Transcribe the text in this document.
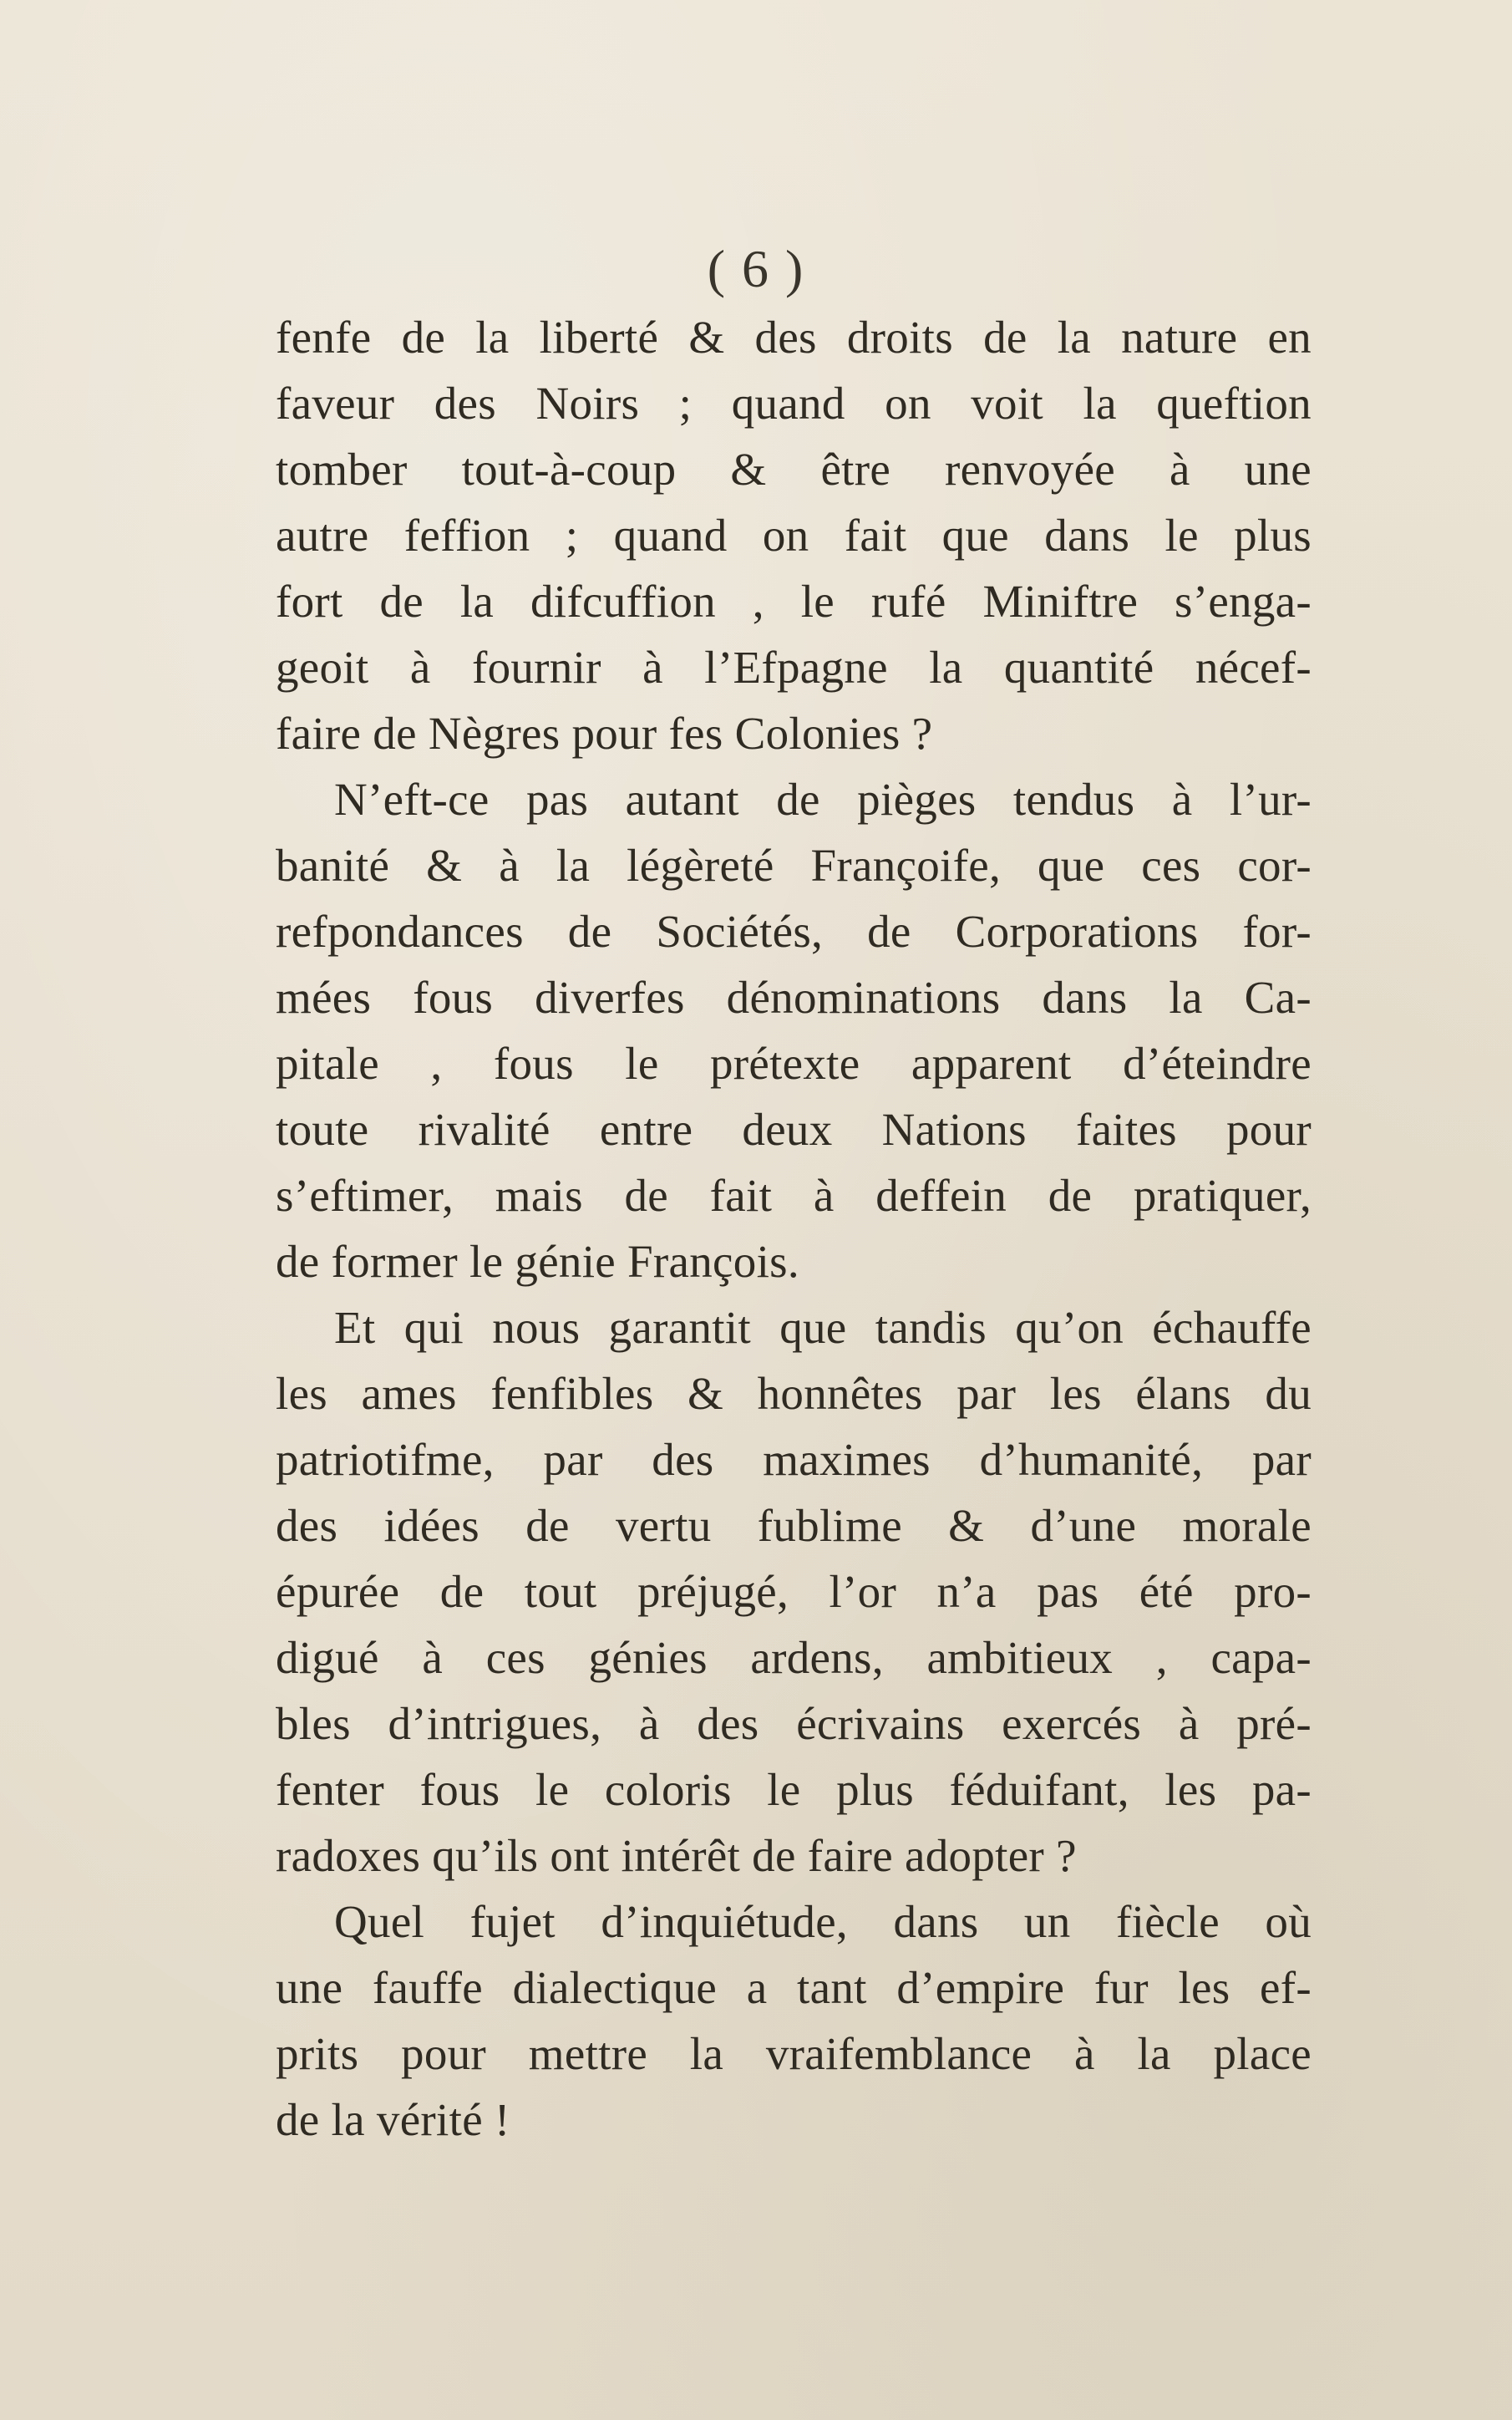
( 6 )
fenfe de la liberté & des droits de la nature en
faveur des Noirs ; quand on voit la queftion
tomber tout-à-coup & être renvoyée à une
autre feffion ; quand on fait que dans le plus
fort de la difcuffion , le rufé Miniftre s’enga-
geoit à fournir à l’Efpagne la quantité nécef-
faire de Nègres pour fes Colonies ?
N’eft-ce pas autant de pièges tendus à l’ur-
banité & à la légèreté Françoife, que ces cor-
refpondances de Sociétés, de Corporations for-
mées fous diverfes dénominations dans la Ca-
pitale , fous le prétexte apparent d’éteindre
toute rivalité entre deux Nations faites pour
s’eftimer, mais de fait à deffein de pratiquer,
de former le génie François.
Et qui nous garantit que tandis qu’on échauffe
les ames fenfibles & honnêtes par les élans du
patriotifme, par des maximes d’humanité, par
des idées de vertu fublime & d’une morale
épurée de tout préjugé, l’or n’a pas été pro-
digué à ces génies ardens, ambitieux , capa-
bles d’intrigues, à des écrivains exercés à pré-
fenter fous le coloris le plus féduifant, les pa-
radoxes qu’ils ont intérêt de faire adopter ?
Quel fujet d’inquiétude, dans un fiècle où
une fauffe dialectique a tant d’empire fur les ef-
prits pour mettre la vraifemblance à la place
de la vérité !
